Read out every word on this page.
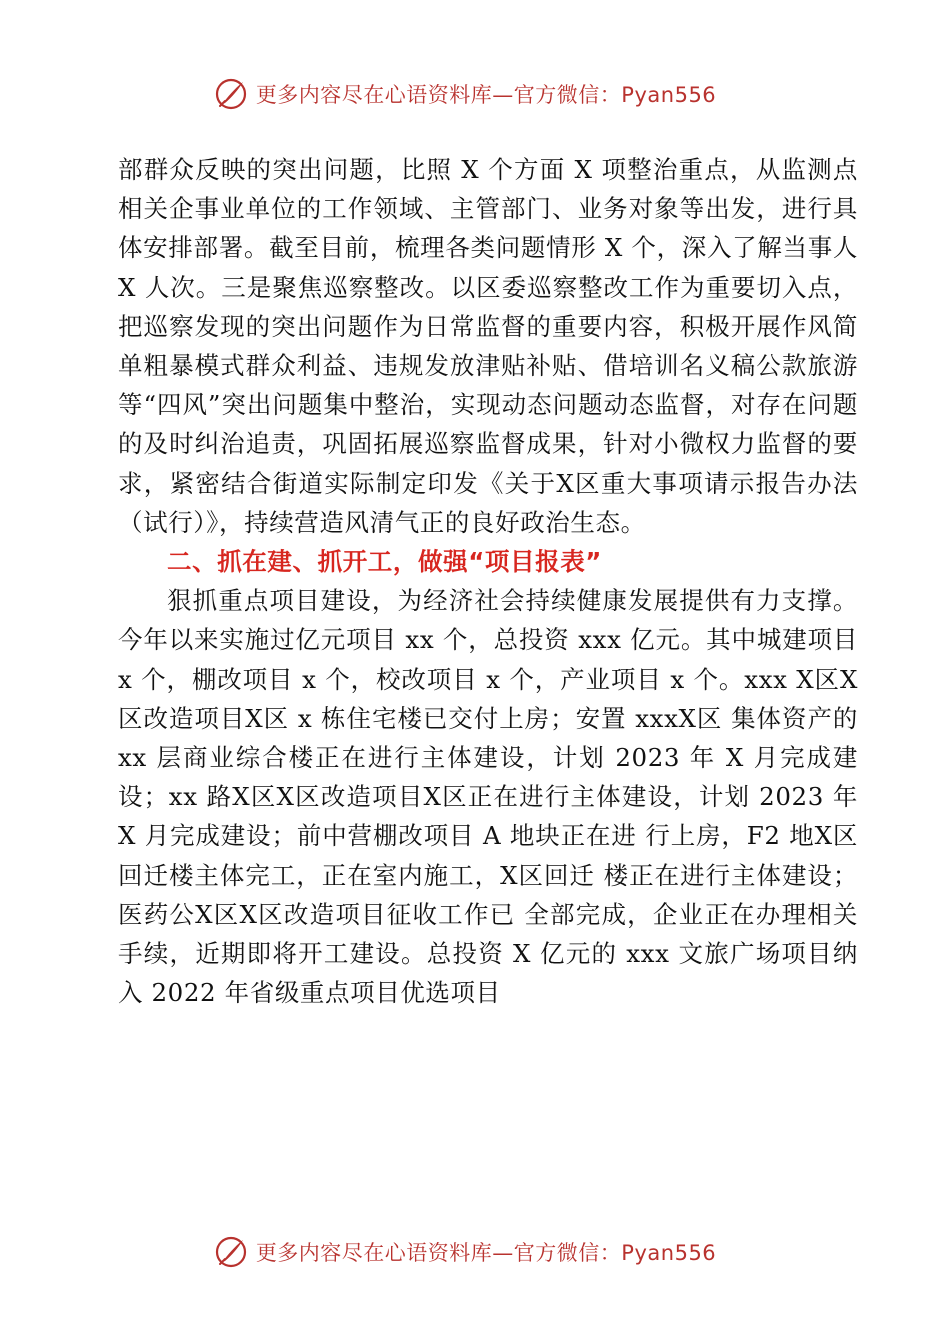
更多内容尽在心语资料库—官方微信：Pyan556

部群众反映的突出问题，比照 X 个方面 X 项整治重点，从监测点相关企事业单位的工作领域、主管部门、业务对象等出发，进行具体安排部署。截至目前，梳理各类问题情形 X 个，深入了解当事人 X 人次。三是聚焦巡察整改。以区委巡察整改工作为重要切入点，把巡察发现的突出问题作为日常监督的重要内容，积极开展作风简单粗暴模式群众利益、违规发放津贴补贴、借培训名义稿公款旅游等“四风”突出问题集中整治，实现动态问题动态监督，对存在问题的及时纠治追责，巩固拓展巡察监督成果，针对小微权力监督的要求，紧密结合街道实际制定印发《关于X区重大事项请示报告办法（试行）》，持续营造风清气正的良好政治生态。

二、抓在建、抓开工，做强“项目报表”

狠抓重点项目建设，为经济社会持续健康发展提供有力支撑。今年以来实施过亿元项目 xx 个，总投资 xxx 亿元。其中城建项目 x 个，棚改项目 x 个，校改项目 x 个，产业项目 x 个。xxx X区X区改造项目X区 x 栋住宅楼已交付上房；安置 xxxX区 集体资产的 xx 层商业综合楼正在进行主体建设，计划 2023 年 X 月完成建设；xx 路X区X区改造项目X区正在进行主体建设，计划 2023 年 X 月完成建设；前中营棚改项目 A 地块正在进 行上房，F2 地X区回迁楼主体完工，正在室内施工，X区回迁 楼正在进行主体建设；医药公X区X区改造项目征收工作已 全部完成，企业正在办理相关手续，近期即将开工建设。总投资 X 亿元的 xxx 文旅广场项目纳入 2022 年省级重点项目优选项目

更多内容尽在心语资料库—官方微信：Pyan556
